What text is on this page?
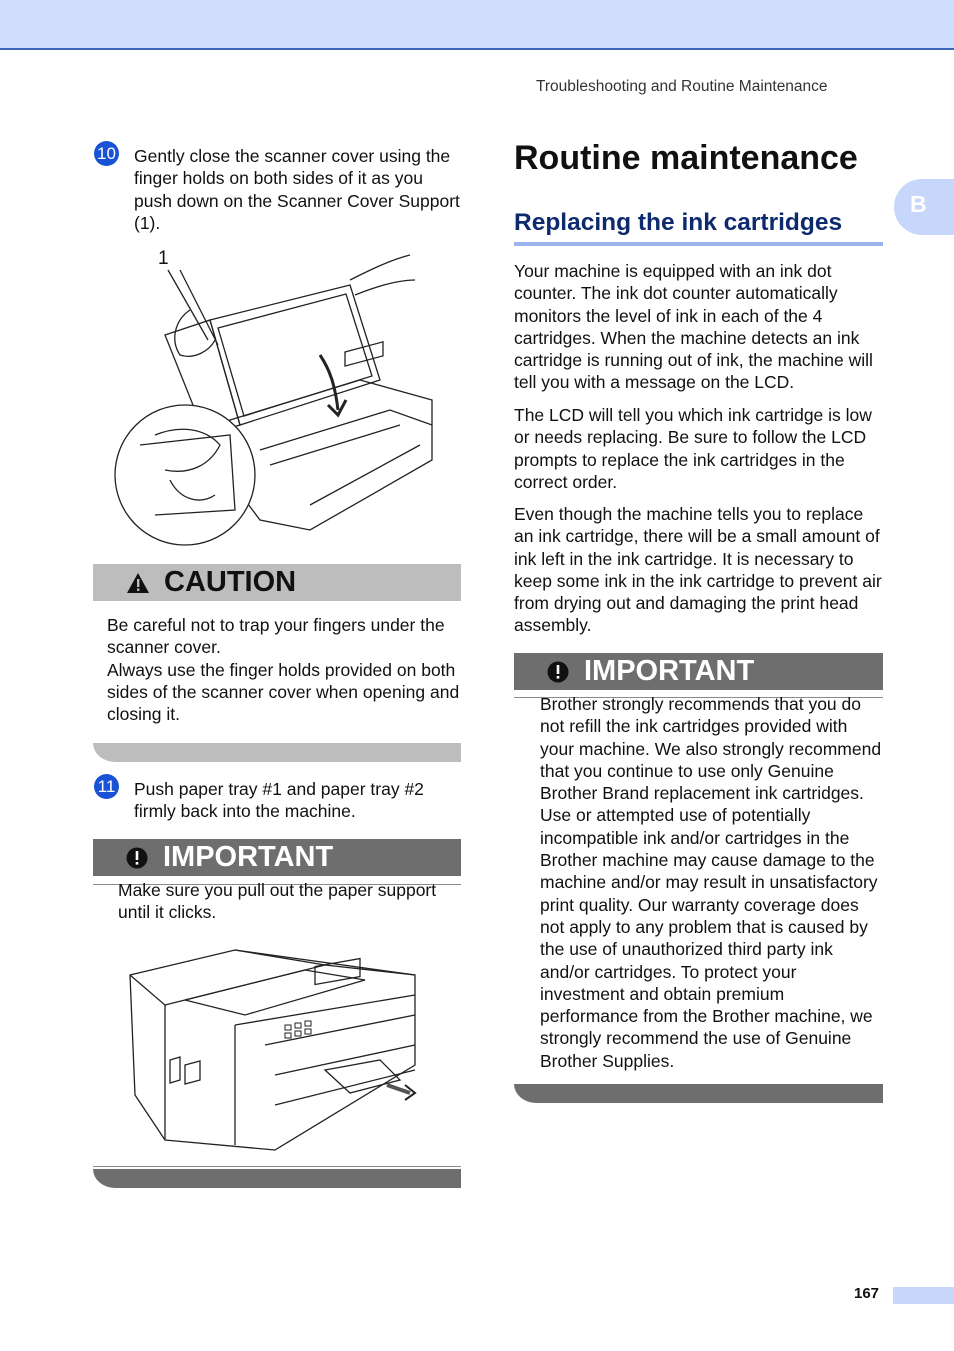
Troubleshooting and Routine Maintenance
B
167
10 Gently close the scanner cover using the finger holds on both sides of it as you push down on the Scanner Cover Support (1).

1
CAUTION

Be careful not to trap your fingers under the scanner cover.

Always use the finger holds provided on both sides of the scanner cover when opening and closing it.

11 Push paper tray #1 and paper tray #2 firmly back into the machine.

IMPORTANT

Make sure you pull out the paper support until it clicks.

Routine maintenance
Replacing the ink cartridges

Your machine is equipped with an ink dot counter. The ink dot counter automatically monitors the level of ink in each of the 4 cartridges. When the machine detects an ink cartridge is running out of ink, the machine will tell you with a message on the LCD.

The LCD will tell you which ink cartridge is low or needs replacing. Be sure to follow the LCD prompts to replace the ink cartridges in the correct order.

Even though the machine tells you to replace an ink cartridge, there will be a small amount of ink left in the ink cartridge. It is necessary to keep some ink in the ink cartridge to prevent air from drying out and damaging the print head assembly.

IMPORTANT

Brother strongly recommends that you do not refill the ink cartridges provided with your machine. We also strongly recommend that you continue to use only Genuine Brother Brand replacement ink cartridges. Use or attempted use of potentially incompatible ink and/or cartridges in the Brother machine may cause damage to the machine and/or may result in unsatisfactory print quality. Our warranty coverage does not apply to any problem that is caused by the use of unauthorized third party ink and/or cartridges. To protect your investment and obtain premium performance from the Brother machine, we strongly recommend the use of Genuine Brother Supplies.
